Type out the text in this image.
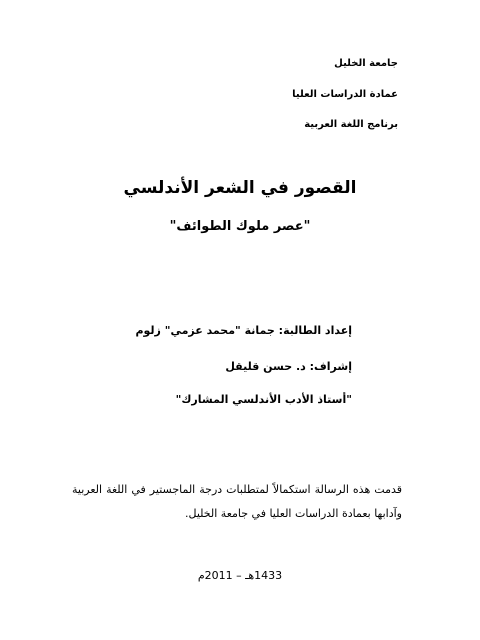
جامعة الخليل
عمادة الدراسات العليا
برنامج اللغة العربية
القصور في الشعر الأندلسي
"عصر ملوك الطوائف"
إعداد الطالبة: جمانة "محمد عزمي" زلوم
إشراف: د. حسن قليقل
"أستاذ الأدب الأندلسي المشارك"
قدمت هذه الرسالة استكمالاً لمتطلبات درجة الماجستير في اللغة العربية وآدابها بعمادة الدراسات العليا في جامعة الخليل.
1433هـ – 2011م
